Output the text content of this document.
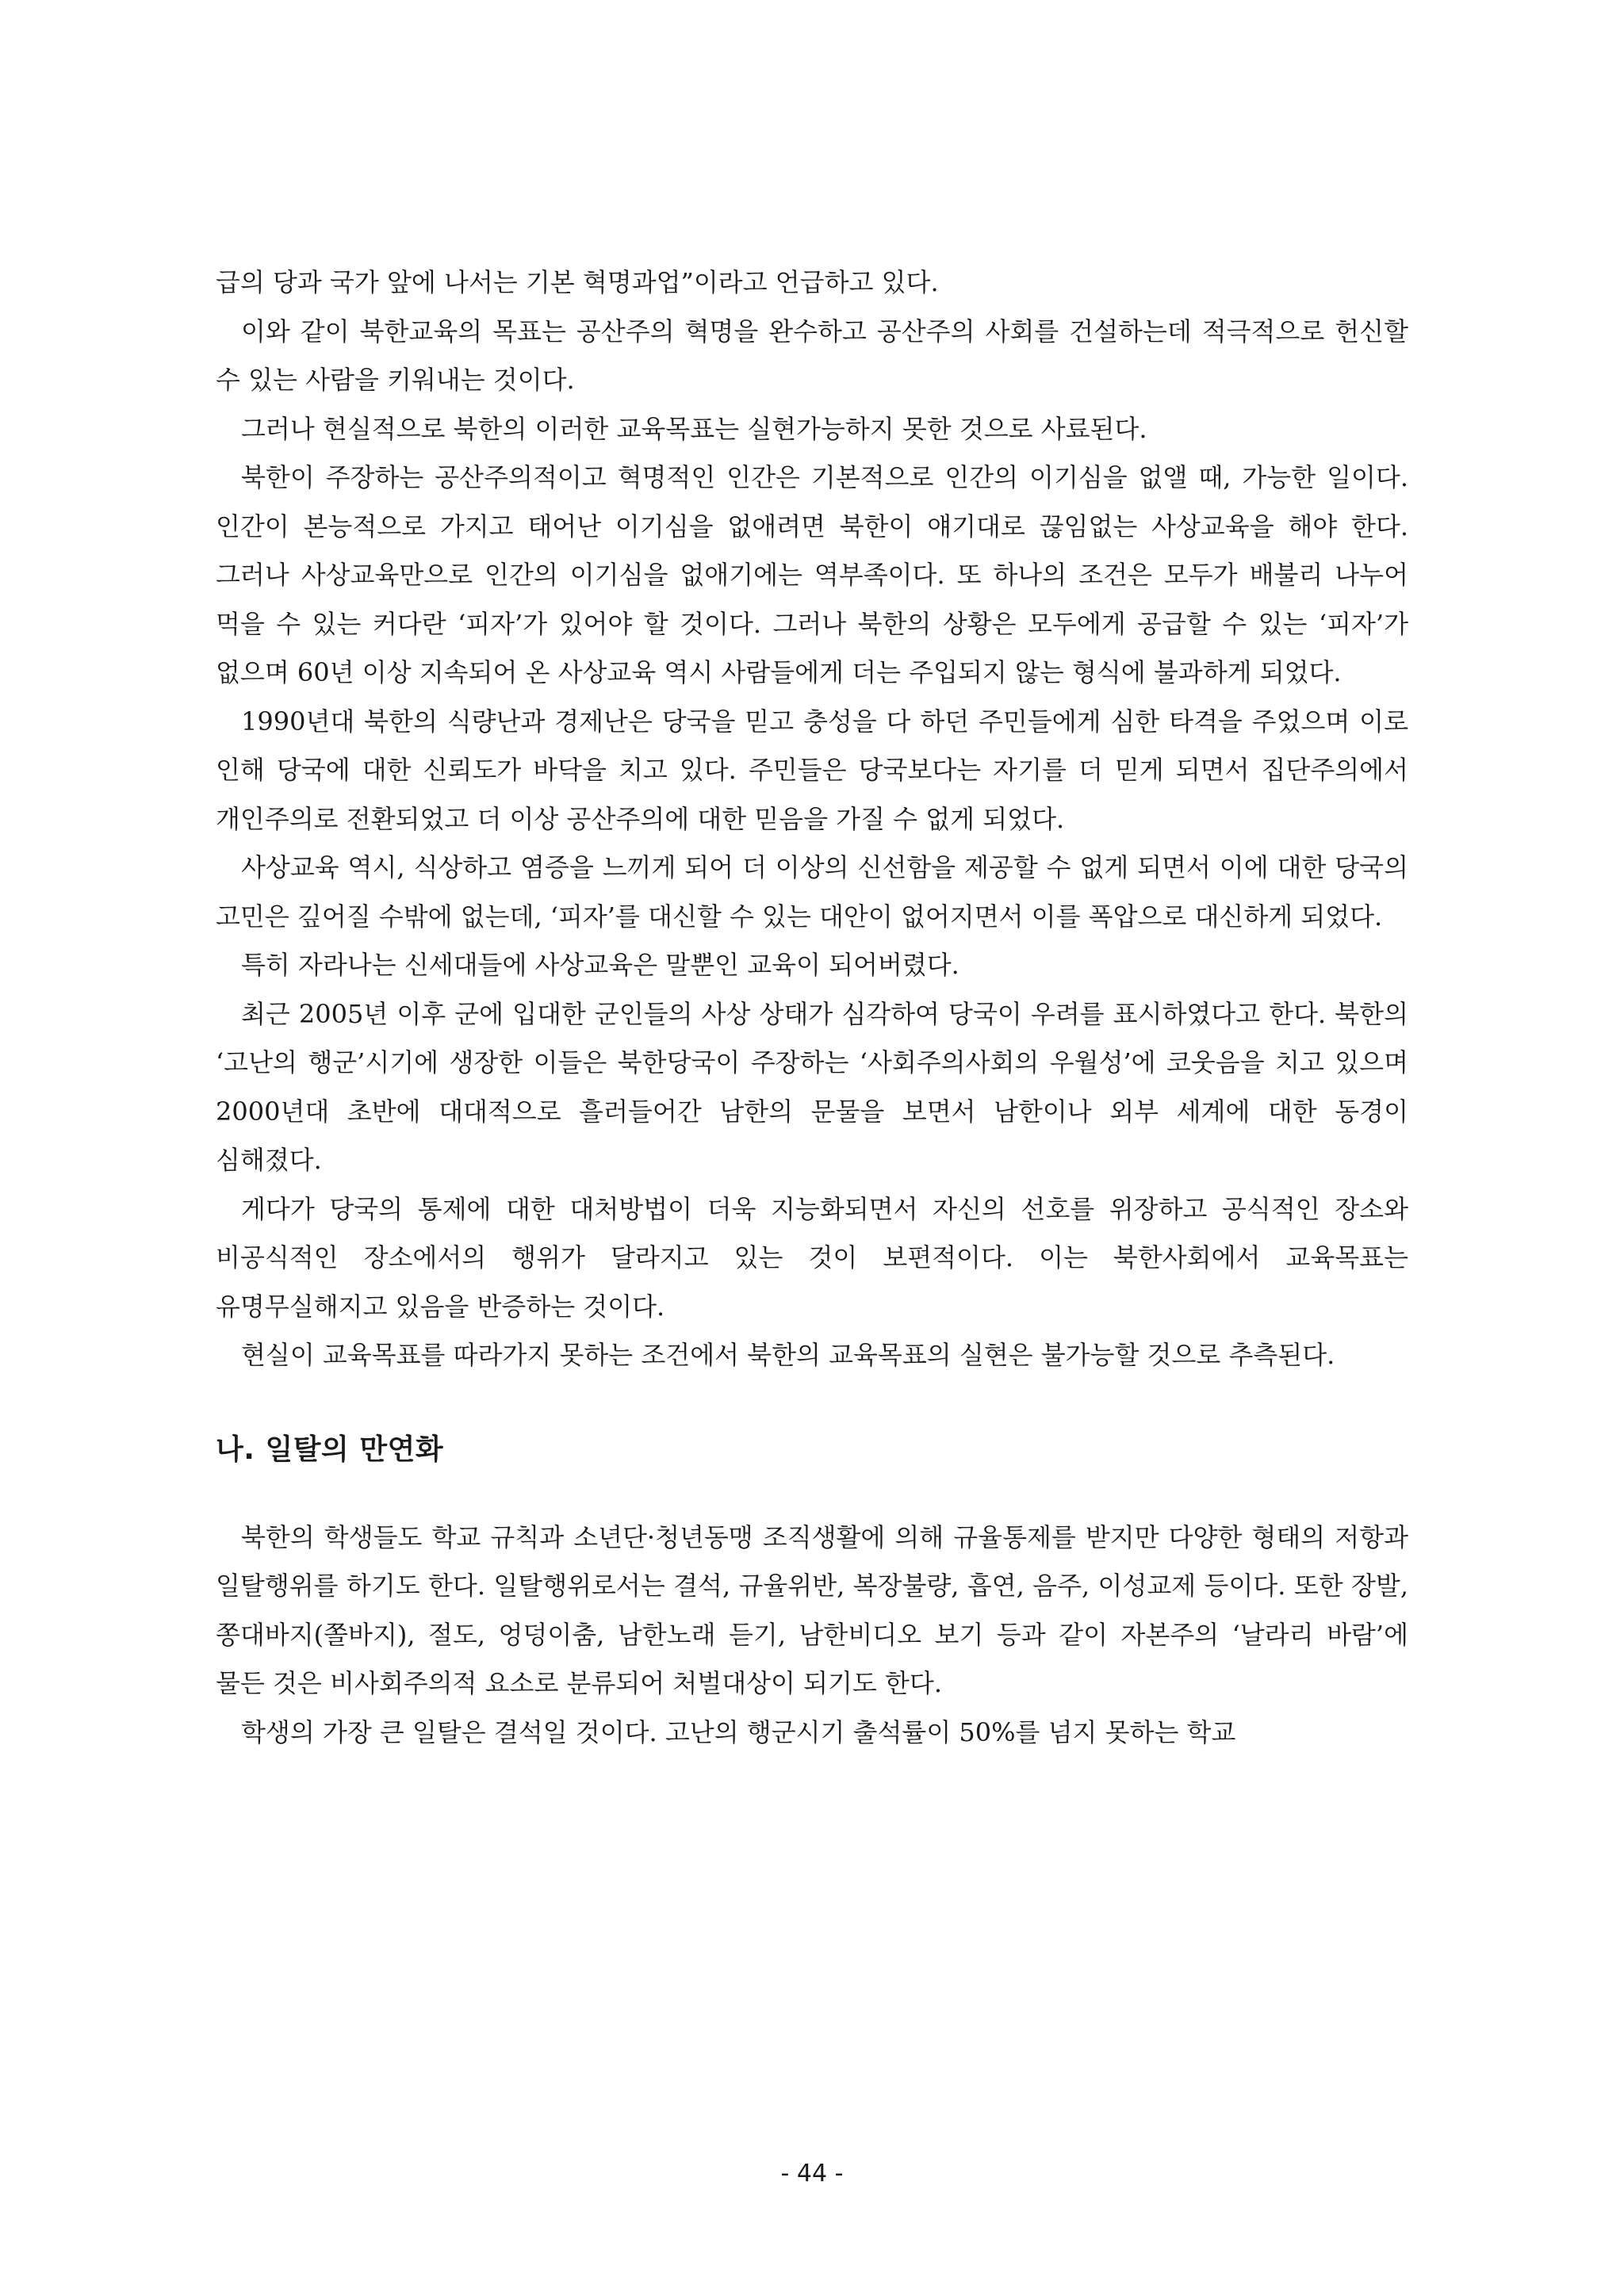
급의 당과 국가 앞에 나서는 기본 혁명과업”이라고 언급하고 있다.

이와 같이 북한교육의 목표는 공산주의 혁명을 완수하고 공산주의 사회를 건설하는데 적극적으로 헌신할 수 있는 사람을 키워내는 것이다.

그러나 현실적으로 북한의 이러한 교육목표는 실현가능하지 못한 것으로 사료된다.

북한이 주장하는 공산주의적이고 혁명적인 인간은 기본적으로 인간의 이기심을 없앨 때, 가능한 일이다. 인간이 본능적으로 가지고 태어난 이기심을 없애려면 북한이 얘기대로 끊임없는 사상교육을 해야 한다. 그러나 사상교육만으로 인간의 이기심을 없애기에는 역부족이다. 또 하나의 조건은 모두가 배불리 나누어 먹을 수 있는 커다란 ‘피자’가 있어야 할 것이다. 그러나 북한의 상황은 모두에게 공급할 수 있는 ‘피자’가 없으며 60년 이상 지속되어 온 사상교육 역시 사람들에게 더는 주입되지 않는 형식에 불과하게 되었다.

1990년대 북한의 식량난과 경제난은 당국을 믿고 충성을 다 하던 주민들에게 심한 타격을 주었으며 이로 인해 당국에 대한 신뢰도가 바닥을 치고 있다. 주민들은 당국보다는 자기를 더 믿게 되면서 집단주의에서 개인주의로 전환되었고 더 이상 공산주의에 대한 믿음을 가질 수 없게 되었다.

사상교육 역시, 식상하고 염증을 느끼게 되어 더 이상의 신선함을 제공할 수 없게 되면서 이에 대한 당국의 고민은 깊어질 수밖에 없는데, ‘피자’를 대신할 수 있는 대안이 없어지면서 이를 폭압으로 대신하게 되었다.

특히 자라나는 신세대들에 사상교육은 말뿐인 교육이 되어버렸다.

최근 2005년 이후 군에 입대한 군인들의 사상 상태가 심각하여 당국이 우려를 표시하였다고 한다. 북한의 ‘고난의 행군’시기에 생장한 이들은 북한당국이 주장하는 ‘사회주의사회의 우월성’에 코웃음을 치고 있으며 2000년대 초반에 대대적으로 흘러들어간 남한의 문물을 보면서 남한이나 외부 세계에 대한 동경이 심해졌다.

게다가 당국의 통제에 대한 대처방법이 더욱 지능화되면서 자신의 선호를 위장하고 공식적인 장소와 비공식적인 장소에서의 행위가 달라지고 있는 것이 보편적이다. 이는 북한사회에서 교육목표는 유명무실해지고 있음을 반증하는 것이다.

현실이 교육목표를 따라가지 못하는 조건에서 북한의 교육목표의 실현은 불가능할 것으로 추측된다.

나. 일탈의 만연화

북한의 학생들도 학교 규칙과 소년단·청년동맹 조직생활에 의해 규율통제를 받지만 다양한 형태의 저항과 일탈행위를 하기도 한다. 일탈행위로서는 결석, 규율위반, 복장불량, 흡연, 음주, 이성교제 등이다. 또한 장발, 쫑대바지(쫄바지), 절도, 엉덩이춤, 남한노래 듣기, 남한비디오 보기 등과 같이 자본주의 ‘날라리 바람’에 물든 것은 비사회주의적 요소로 분류되어 처벌대상이 되기도 한다.

학생의 가장 큰 일탈은 결석일 것이다. 고난의 행군시기 출석률이 50%를 넘지 못하는 학교

- 44 -
